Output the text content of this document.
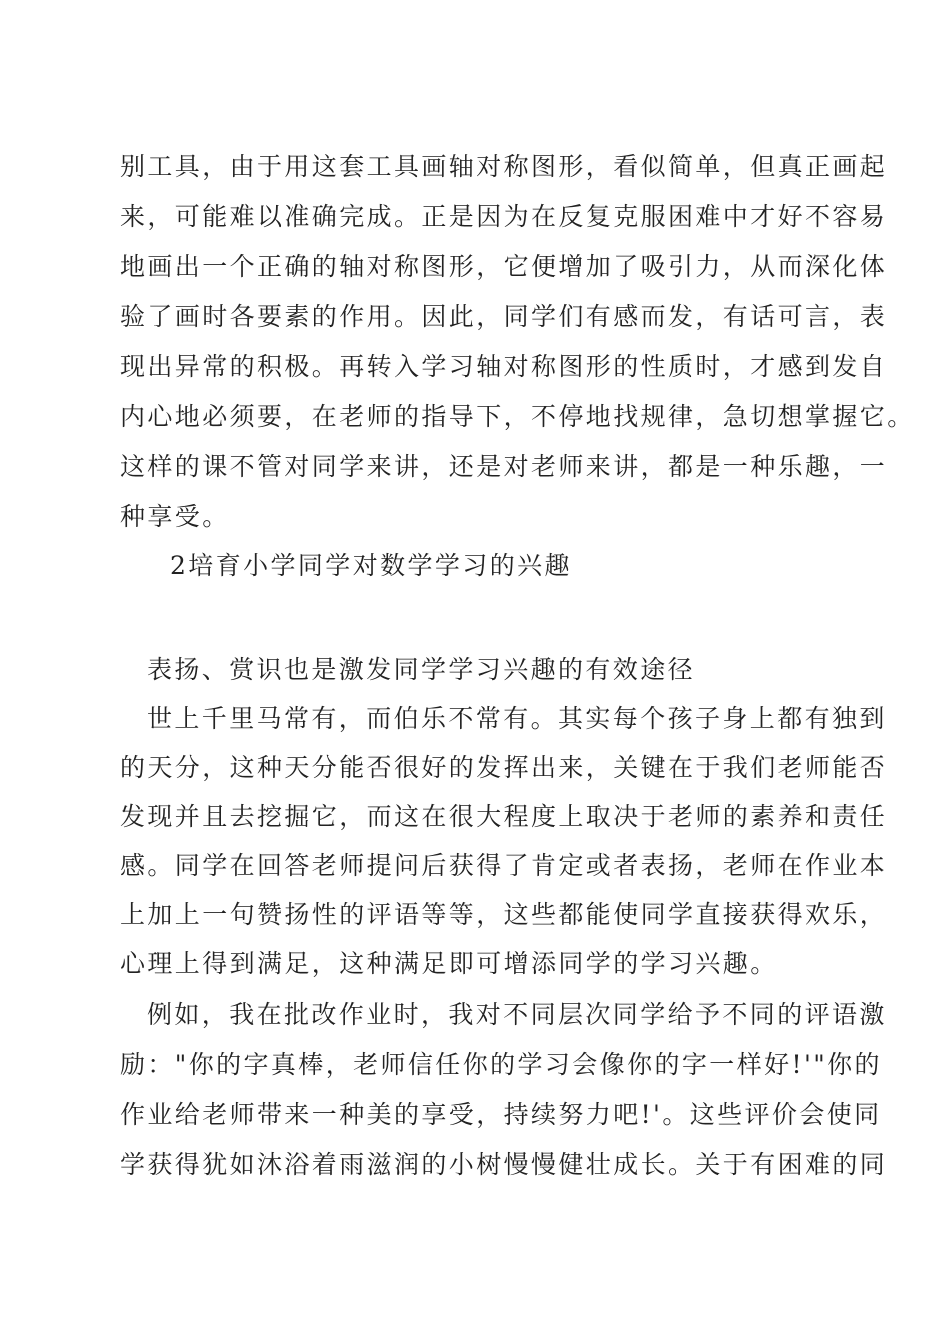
别工具，由于用这套工具画轴对称图形，看似简单，但真正画起
来，可能难以准确完成。正是因为在反复克服困难中才好不容易
地画出一个正确的轴对称图形，它便增加了吸引力，从而深化体
验了画时各要素的作用。因此，同学们有感而发，有话可言，表
现出异常的积极。再转入学习轴对称图形的性质时，才感到发自
内心地必须要，在老师的指导下，不停地找规律，急切想掌握它。
这样的课不管对同学来讲，还是对老师来讲，都是一种乐趣，一
种享受。
2培育小学同学对数学学习的兴趣
表扬、赏识也是激发同学学习兴趣的有效途径
世上千里马常有，而伯乐不常有。其实每个孩子身上都有独到
的天分，这种天分能否很好的发挥出来，关键在于我们老师能否
发现并且去挖掘它，而这在很大程度上取决于老师的素养和责任
感。同学在回答老师提问后获得了肯定或者表扬，老师在作业本
上加上一句赞扬性的评语等等，这些都能使同学直接获得欢乐，
心理上得到满足，这种满足即可增添同学的学习兴趣。
例如，我在批改作业时，我对不同层次同学给予不同的评语激
励："你的字真棒，老师信任你的学习会像你的字一样好!'"你的
作业给老师带来一种美的享受，持续努力吧!'。这些评价会使同
学获得犹如沐浴着雨滋润的小树慢慢健壮成长。关于有困难的同
